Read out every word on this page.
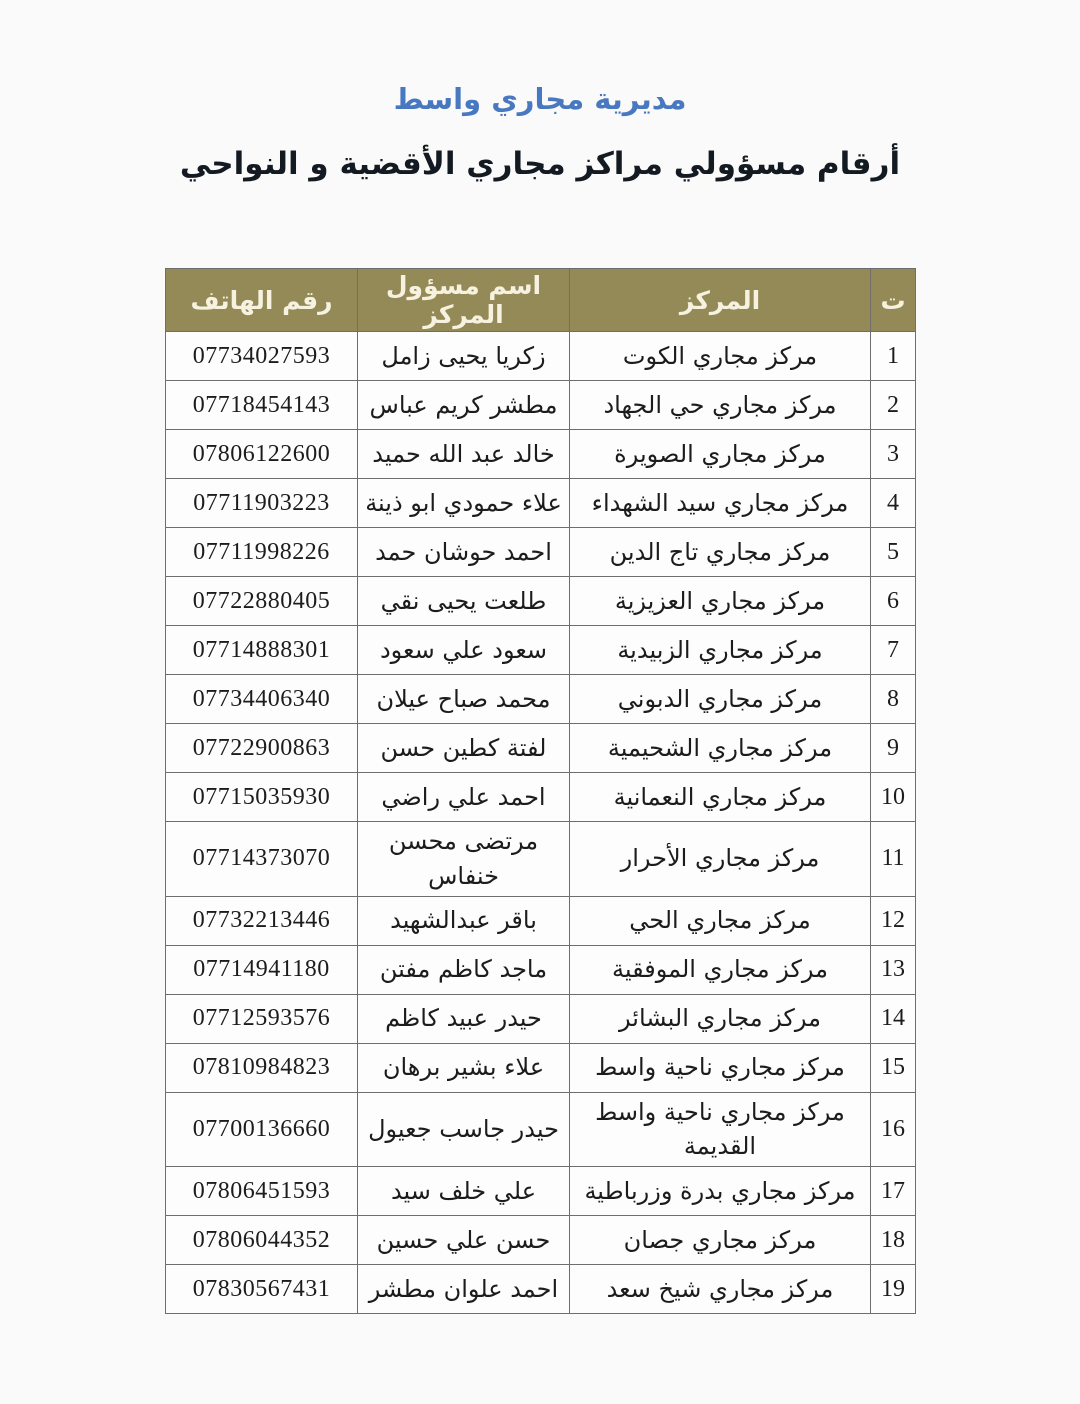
مديرية مجاري واسط
أرقام مسؤولي مراكز مجاري الأقضية و النواحي
ت	المركز	اسم مسؤول المركز	رقم الهاتف
1	مركز مجاري الكوت	زكريا يحيى زامل	07734027593
2	مركز مجاري حي الجهاد	مطشر كريم عباس	07718454143
3	مركز مجاري الصويرة	خالد عبد الله حميد	07806122600
4	مركز مجاري سيد الشهداء	علاء حمودي ابو ذينة	07711903223
5	مركز مجاري تاج الدين	احمد حوشان حمد	07711998226
6	مركز مجاري العزيزية	طلعت يحيى نقي	07722880405
7	مركز مجاري الزبيدية	سعود علي سعود	07714888301
8	مركز مجاري الدبوني	محمد صباح عيلان	07734406340
9	مركز مجاري الشحيمية	لفتة كطين حسن	07722900863
10	مركز مجاري النعمانية	احمد علي راضي	07715035930
11	مركز مجاري الأحرار	مرتضى محسن خنفاس	07714373070
12	مركز مجاري الحي	باقر عبدالشهيد	07732213446
13	مركز مجاري الموفقية	ماجد كاظم مفتن	07714941180
14	مركز مجاري البشائر	حيدر عبيد كاظم	07712593576
15	مركز مجاري ناحية واسط	علاء بشير برهان	07810984823
16	مركز مجاري ناحية واسط القديمة	حيدر جاسب جعيول	07700136660
17	مركز مجاري بدرة وزرباطية	علي خلف سيد	07806451593
18	مركز مجاري جصان	حسن علي حسين	07806044352
19	مركز مجاري شيخ سعد	احمد علوان مطشر	07830567431
